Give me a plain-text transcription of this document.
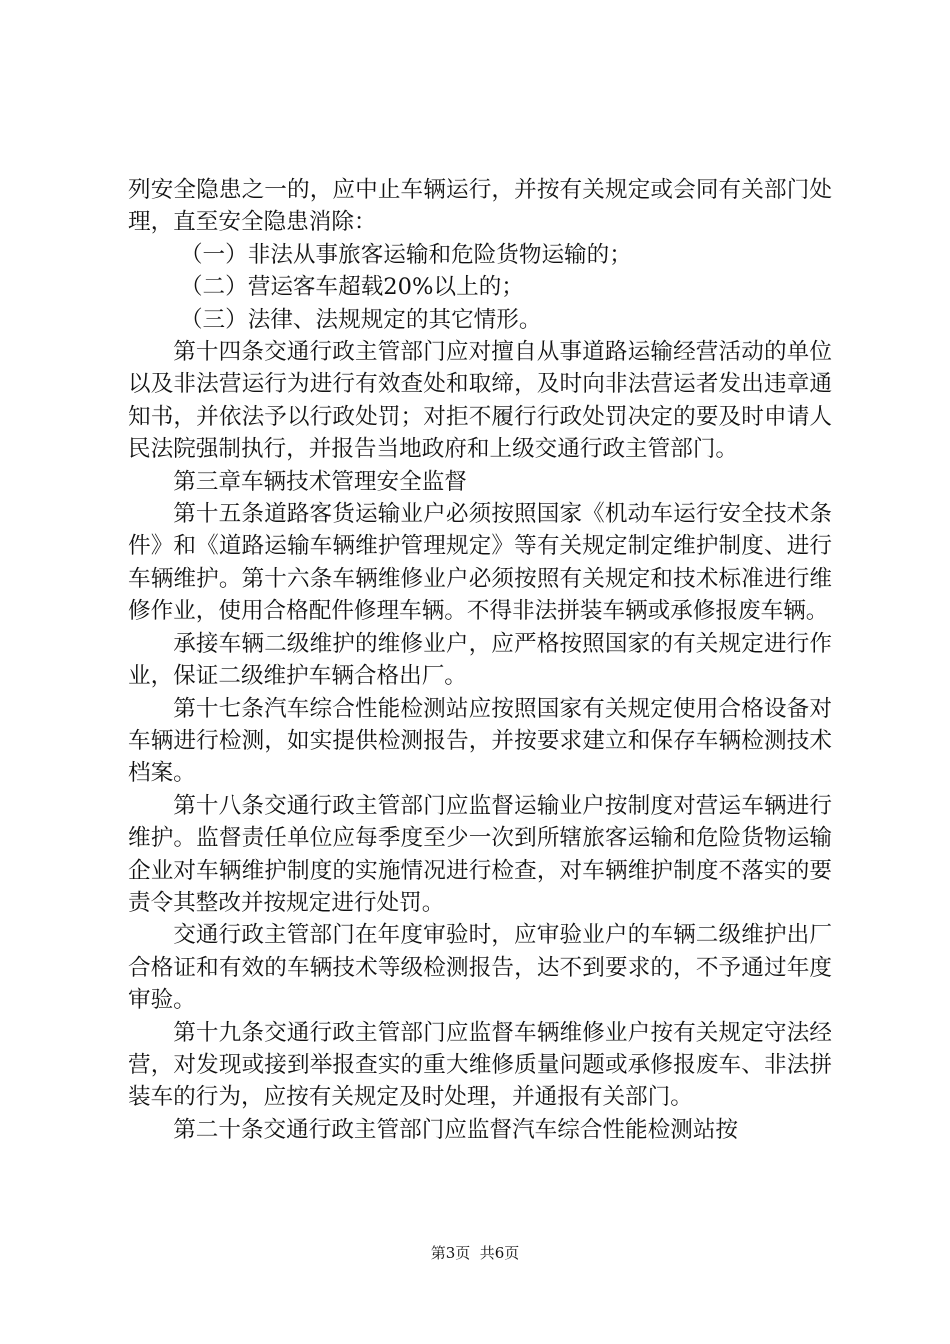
列安全隐患之一的，应中止车辆运行，并按有关规定或会同有关部门处理，直至安全隐患消除：

（一）非法从事旅客运输和危险货物运输的；

（二）营运客车超载20%以上的；

（三）法律、法规规定的其它情形。

第十四条交通行政主管部门应对擅自从事道路运输经营活动的单位以及非法营运行为进行有效查处和取缔，及时向非法营运者发出违章通知书，并依法予以行政处罚；对拒不履行行政处罚决定的要及时申请人民法院强制执行，并报告当地政府和上级交通行政主管部门。

第三章车辆技术管理安全监督

第十五条道路客货运输业户必须按照国家《机动车运行安全技术条件》和《道路运输车辆维护管理规定》等有关规定制定维护制度、进行车辆维护。第十六条车辆维修业户必须按照有关规定和技术标准进行维修作业，使用合格配件修理车辆。不得非法拼装车辆或承修报废车辆。

承接车辆二级维护的维修业户，应严格按照国家的有关规定进行作业，保证二级维护车辆合格出厂。

第十七条汽车综合性能检测站应按照国家有关规定使用合格设备对车辆进行检测，如实提供检测报告，并按要求建立和保存车辆检测技术档案。

第十八条交通行政主管部门应监督运输业户按制度对营运车辆进行维护。监督责任单位应每季度至少一次到所辖旅客运输和危险货物运输企业对车辆维护制度的实施情况进行检查，对车辆维护制度不落实的要责令其整改并按规定进行处罚。

交通行政主管部门在年度审验时，应审验业户的车辆二级维护出厂合格证和有效的车辆技术等级检测报告，达不到要求的，不予通过年度审验。

第十九条交通行政主管部门应监督车辆维修业户按有关规定守法经营，对发现或接到举报查实的重大维修质量问题或承修报废车、非法拼装车的行为，应按有关规定及时处理，并通报有关部门。

第二十条交通行政主管部门应监督汽车综合性能检测站按

第3页  共6页
